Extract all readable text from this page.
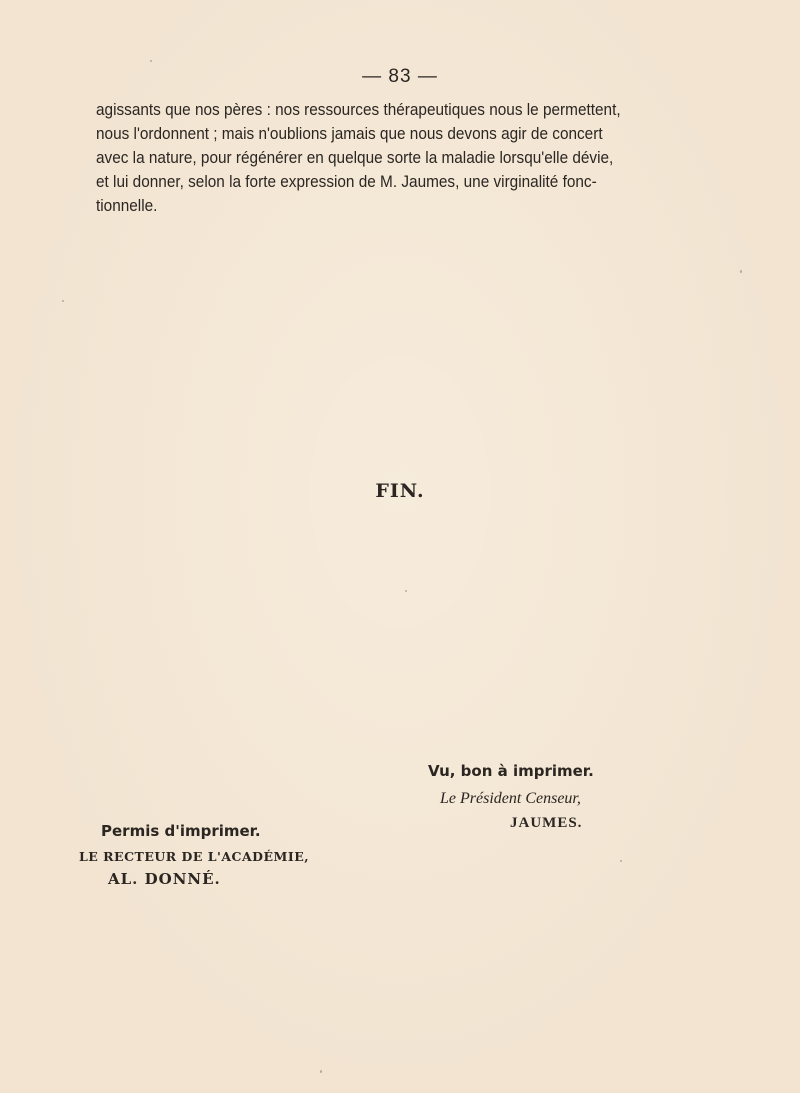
— 83 —
agissants que nos pères : nos ressources thérapeutiques nous le permettent,
nous l'ordonnent ; mais n'oublions jamais que nous devons agir de concert
avec la nature, pour régénérer en quelque sorte la maladie lorsqu'elle dévie,
et lui donner, selon la forte expression de M. Jaumes, une virginalité fonc-
tionnelle.
FIN.
Vu, bon à imprimer.
Le Président Censeur,
JAUMES.
Permis d'imprimer.
LE RECTEUR DE L'ACADÉMIE,
AL. DONNÉ.
